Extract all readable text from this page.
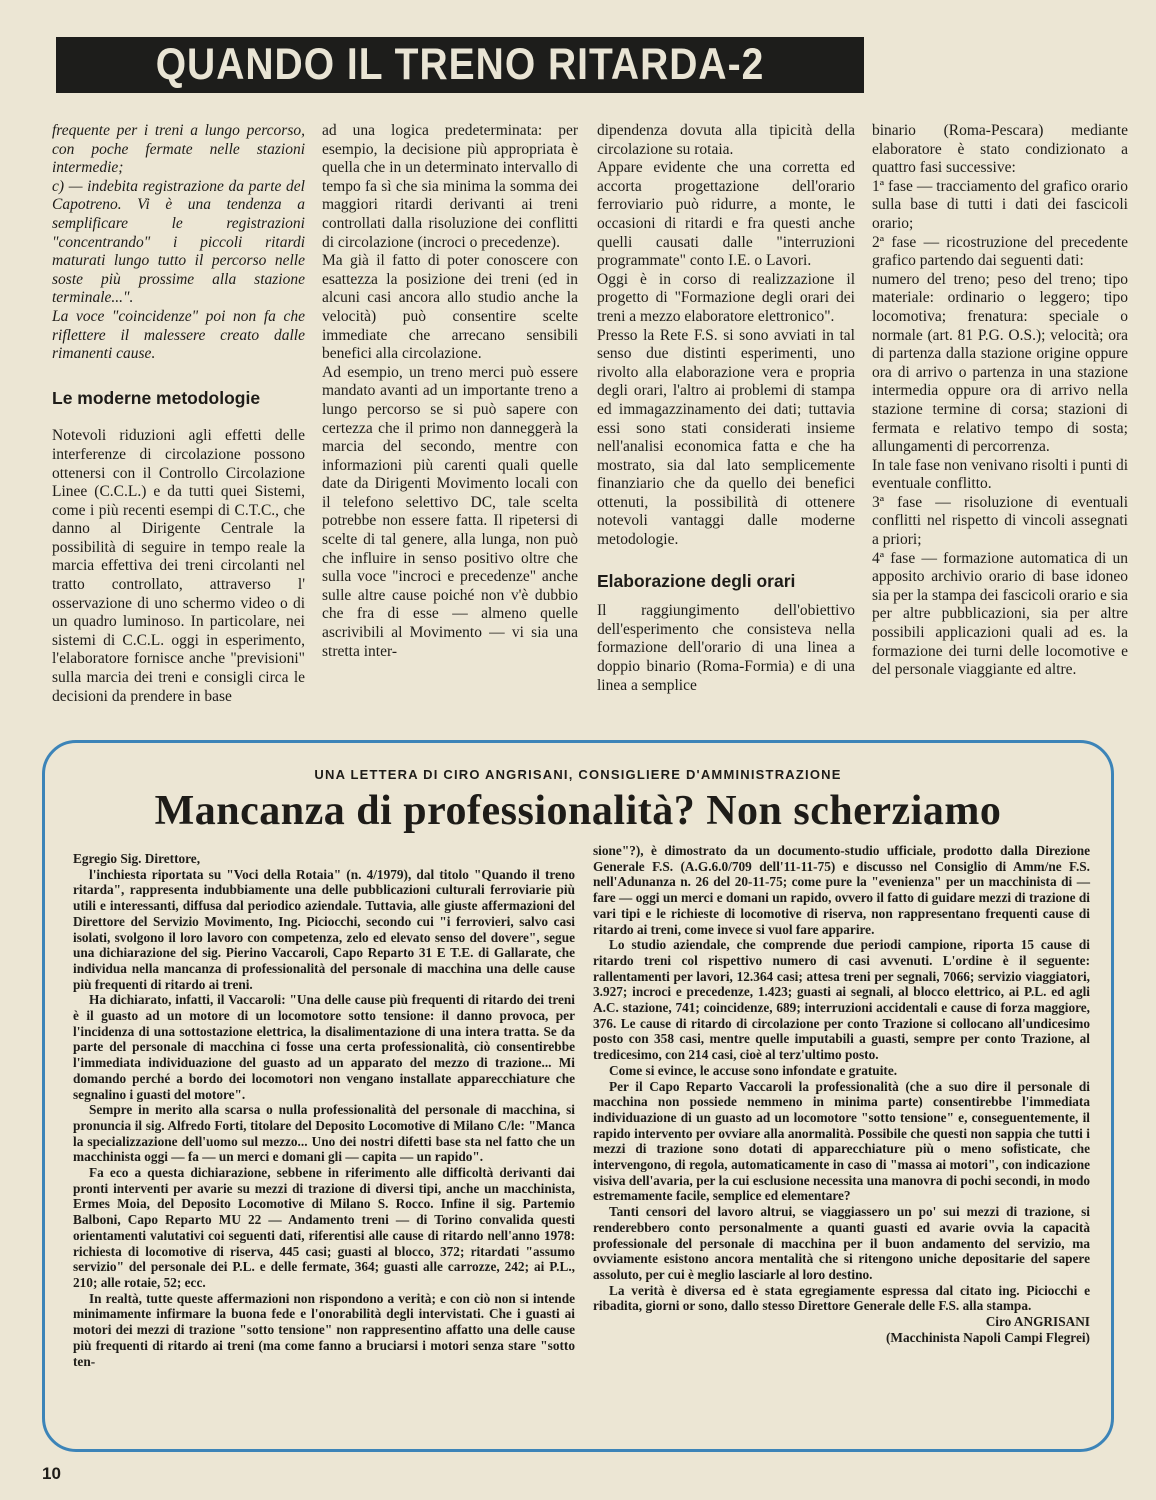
QUANDO IL TRENO RITARDA-2

frequente per i treni a lungo percorso, con poche fermate nelle stazioni intermedie;

c) — indebita registrazione da parte del Capotreno. Vi è una tendenza a semplificare le registrazioni "concentrando" i piccoli ritardi maturati lungo tutto il percorso nelle soste più prossime alla stazione terminale...".

La voce "coincidenze" poi non fa che riflettere il malessere creato dalle rimanenti cause.

Le moderne metodologie

Notevoli riduzioni agli effetti delle interferenze di circolazione possono ottenersi con il Controllo Circolazione Linee (C.C.L.) e da tutti quei Sistemi, come i più recenti esempi di C.T.C., che danno al Dirigente Centrale la possibilità di seguire in tempo reale la marcia effettiva dei treni circolanti nel tratto controllato, attraverso l' osservazione di uno schermo video o di un quadro luminoso. In particolare, nei sistemi di C.C.L. oggi in esperimento, l'elaboratore fornisce anche "previsioni" sulla marcia dei treni e consigli circa le decisioni da prendere in base

ad una logica predeterminata: per esempio, la decisione più appropriata è quella che in un determinato intervallo di tempo fa sì che sia minima la somma dei maggiori ritardi derivanti ai treni controllati dalla risoluzione dei conflitti di circolazione (incroci o precedenze).

Ma già il fatto di poter conoscere con esattezza la posizione dei treni (ed in alcuni casi ancora allo studio anche la velocità) può consentire scelte immediate che arrecano sensibili benefici alla circolazione.

Ad esempio, un treno merci può essere mandato avanti ad un importante treno a lungo percorso se si può sapere con certezza che il primo non danneggerà la marcia del secondo, mentre con informazioni più carenti quali quelle date da Dirigenti Movimento locali con il telefono selettivo DC, tale scelta potrebbe non essere fatta. Il ripetersi di scelte di tal genere, alla lunga, non può che influire in senso positivo oltre che sulla voce "incroci e precedenze" anche sulle altre cause poiché non v'è dubbio che fra di esse — almeno quelle ascrivibili al Movimento — vi sia una stretta inter-

dipendenza dovuta alla tipicità della circolazione su rotaia.

Appare evidente che una corretta ed accorta progettazione dell'orario ferroviario può ridurre, a monte, le occasioni di ritardi e fra questi anche quelli causati dalle "interruzioni programmate" conto I.E. o Lavori.

Oggi è in corso di realizzazione il progetto di "Formazione degli orari dei treni a mezzo elaboratore elettronico".

Presso la Rete F.S. si sono avviati in tal senso due distinti esperimenti, uno rivolto alla elaborazione vera e propria degli orari, l'altro ai problemi di stampa ed immagazzinamento dei dati; tuttavia essi sono stati considerati insieme nell'analisi economica fatta e che ha mostrato, sia dal lato semplicemente finanziario che da quello dei benefici ottenuti, la possibilità di ottenere notevoli vantaggi dalle moderne metodologie.

Elaborazione degli orari

Il raggiungimento dell'obiettivo dell'esperimento che consisteva nella formazione dell'orario di una linea a doppio binario (Roma-Formia) e di una linea a semplice

binario (Roma-Pescara) mediante elaboratore è stato condizionato a quattro fasi successive:

1ª fase — tracciamento del grafico orario sulla base di tutti i dati dei fascicoli orario;

2ª fase — ricostruzione del precedente grafico partendo dai seguenti dati:

numero del treno; peso del treno; tipo materiale: ordinario o leggero; tipo locomotiva; frenatura: speciale o normale (art. 81 P.G. O.S.); velocità; ora di partenza dalla stazione origine oppure ora di arrivo o partenza in una stazione intermedia oppure ora di arrivo nella stazione termine di corsa; stazioni di fermata e relativo tempo di sosta; allungamenti di percorrenza.

In tale fase non venivano risolti i punti di eventuale conflitto.

3ª fase — risoluzione di eventuali conflitti nel rispetto di vincoli assegnati a priori;

4ª fase — formazione automatica di un apposito archivio orario di base idoneo sia per la stampa dei fascicoli orario e sia per altre pubblicazioni, sia per altre possibili applicazioni quali ad es. la formazione dei turni delle locomotive e del personale viaggiante ed altre.

UNA LETTERA DI CIRO ANGRISANI, CONSIGLIERE D'AMMINISTRAZIONE
Mancanza di professionalità? Non scherziamo

Egregio Sig. Direttore,

l'inchiesta riportata su "Voci della Rotaia" (n. 4/1979), dal titolo "Quando il treno ritarda", rappresenta indubbiamente una delle pubblicazioni culturali ferroviarie più utili e interessanti, diffusa dal periodico aziendale. Tuttavia, alle giuste affermazioni del Direttore del Servizio Movimento, Ing. Piciocchi, secondo cui "i ferrovieri, salvo casi isolati, svolgono il loro lavoro con competenza, zelo ed elevato senso del dovere", segue una dichiarazione del sig. Pierino Vaccaroli, Capo Reparto 31 E T.E. di Gallarate, che individua nella mancanza di professionalità del personale di macchina una delle cause più frequenti di ritardo ai treni.

Ha dichiarato, infatti, il Vaccaroli: "Una delle cause più frequenti di ritardo dei treni è il guasto ad un motore di un locomotore sotto tensione: il danno provoca, per l'incidenza di una sottostazione elettrica, la disalimentazione di una intera tratta. Se da parte del personale di macchina ci fosse una certa professionalità, ciò consentirebbe l'immediata individuazione del guasto ad un apparato del mezzo di trazione... Mi domando perché a bordo dei locomotori non vengano installate apparecchiature che segnalino i guasti del motore".

Sempre in merito alla scarsa o nulla professionalità del personale di macchina, si pronuncia il sig. Alfredo Forti, titolare del Deposito Locomotive di Milano C/le: "Manca la specializzazione dell'uomo sul mezzo... Uno dei nostri difetti base sta nel fatto che un macchinista oggi — fa — un merci e domani gli — capita — un rapido".

Fa eco a questa dichiarazione, sebbene in riferimento alle difficoltà derivanti dai pronti interventi per avarie su mezzi di trazione di diversi tipi, anche un macchinista, Ermes Moia, del Deposito Locomotive di Milano S. Rocco. Infine il sig. Partemio Balboni, Capo Reparto MU 22 — Andamento treni — di Torino convalida questi orientamenti valutativi coi seguenti dati, riferentisi alle cause di ritardo nell'anno 1978: richiesta di locomotive di riserva, 445 casi; guasti al blocco, 372; ritardati "assumo servizio" del personale dei P.L. e delle fermate, 364; guasti alle carrozze, 242; ai P.L., 210; alle rotaie, 52; ecc.

In realtà, tutte queste affermazioni non rispondono a verità; e con ciò non si intende minimamente infirmare la buona fede e l'onorabilità degli intervistati. Che i guasti ai motori dei mezzi di trazione "sotto tensione" non rappresentino affatto una delle cause più frequenti di ritardo ai treni (ma come fanno a bruciarsi i motori senza stare "sotto ten-

sione"?), è dimostrato da un documento-studio ufficiale, prodotto dalla Direzione Generale F.S. (A.G.6.0/709 dell'11-11-75) e discusso nel Consiglio di Amm/ne F.S. nell'Adunanza n. 26 del 20-11-75; come pure la "evenienza" per un macchinista di — fare — oggi un merci e domani un rapido, ovvero il fatto di guidare mezzi di trazione di vari tipi e le richieste di locomotive di riserva, non rappresentano frequenti cause di ritardo ai treni, come invece si vuol fare apparire.

Lo studio aziendale, che comprende due periodi campione, riporta 15 cause di ritardo treni col rispettivo numero di casi avvenuti. L'ordine è il seguente: rallentamenti per lavori, 12.364 casi; attesa treni per segnali, 7066; servizio viaggiatori, 3.927; incroci e precedenze, 1.423; guasti ai segnali, al blocco elettrico, ai P.L. ed agli A.C. stazione, 741; coincidenze, 689; interruzioni accidentali e cause di forza maggiore, 376. Le cause di ritardo di circolazione per conto Trazione si collocano all'undicesimo posto con 358 casi, mentre quelle imputabili a guasti, sempre per conto Trazione, al tredicesimo, con 214 casi, cioè al terz'ultimo posto.

Come si evince, le accuse sono infondate e gratuite.

Per il Capo Reparto Vaccaroli la professionalità (che a suo dire il personale di macchina non possiede nemmeno in minima parte) consentirebbe l'immediata individuazione di un guasto ad un locomotore "sotto tensione" e, conseguentemente, il rapido intervento per ovviare alla anormalità. Possibile che questi non sappia che tutti i mezzi di trazione sono dotati di apparecchiature più o meno sofisticate, che intervengono, di regola, automaticamente in caso di "massa ai motori", con indicazione visiva dell'avaria, per la cui esclusione necessita una manovra di pochi secondi, in modo estremamente facile, semplice ed elementare?

Tanti censori del lavoro altrui, se viaggiassero un po' sui mezzi di trazione, si renderebbero conto personalmente a quanti guasti ed avarie ovvia la capacità professionale del personale di macchina per il buon andamento del servizio, ma ovviamente esistono ancora mentalità che si ritengono uniche depositarie del sapere assoluto, per cui è meglio lasciarle al loro destino.

La verità è diversa ed è stata egregiamente espressa dal citato ing. Piciocchi e ribadita, giorni or sono, dallo stesso Direttore Generale delle F.S. alla stampa.

Ciro ANGRISANI
(Macchinista Napoli Campi Flegrei)
10
